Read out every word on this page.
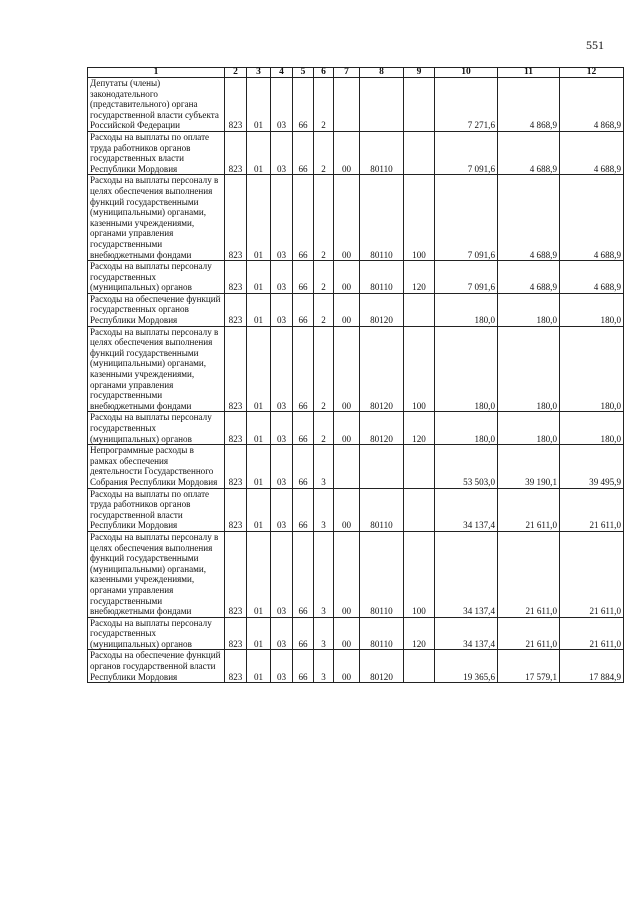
551
1	2	3	4	5	6	7	8	9	10	11	12
Депутаты (члены) законодательного (представительного) органа государственной власти субъекта Российской Федерации	823	01	03	66	2				7 271,6	4 868,9	4 868,9
Расходы на выплаты по оплате труда работников органов государственных власти Республики Мордовия	823	01	03	66	2	00	80110		7 091,6	4 688,9	4 688,9
Расходы на выплаты персоналу в целях обеспечения выполнения функций государственными (муниципальными) органами, казенными учреждениями, органами управления государственными внебюджетными фондами	823	01	03	66	2	00	80110	100	7 091,6	4 688,9	4 688,9
Расходы на выплаты персоналу государственных (муниципальных) органов	823	01	03	66	2	00	80110	120	7 091,6	4 688,9	4 688,9
Расходы на обеспечение функций государственных органов Республики Мордовия	823	01	03	66	2	00	80120		180,0	180,0	180,0
Расходы на выплаты персоналу в целях обеспечения выполнения функций государственными (муниципальными) органами, казенными учреждениями, органами управления государственными внебюджетными фондами	823	01	03	66	2	00	80120	100	180,0	180,0	180,0
Расходы на выплаты персоналу государственных (муниципальных) органов	823	01	03	66	2	00	80120	120	180,0	180,0	180,0
Непрограммные расходы в рамках обеспечения деятельности Государственного Собрания Республики Мордовия	823	01	03	66	3				53 503,0	39 190,1	39 495,9
Расходы на выплаты по оплате труда работников органов государственной власти Республики Мордовия	823	01	03	66	3	00	80110		34 137,4	21 611,0	21 611,0
Расходы на выплаты персоналу в целях обеспечения выполнения функций государственными (муниципальными) органами, казенными учреждениями, органами управления государственными внебюджетными фондами	823	01	03	66	3	00	80110	100	34 137,4	21 611,0	21 611,0
Расходы на выплаты персоналу государственных (муниципальных) органов	823	01	03	66	3	00	80110	120	34 137,4	21 611,0	21 611,0
Расходы на обеспечение функций органов государственной власти Республики Мордовия	823	01	03	66	3	00	80120		19 365,6	17 579,1	17 884,9
